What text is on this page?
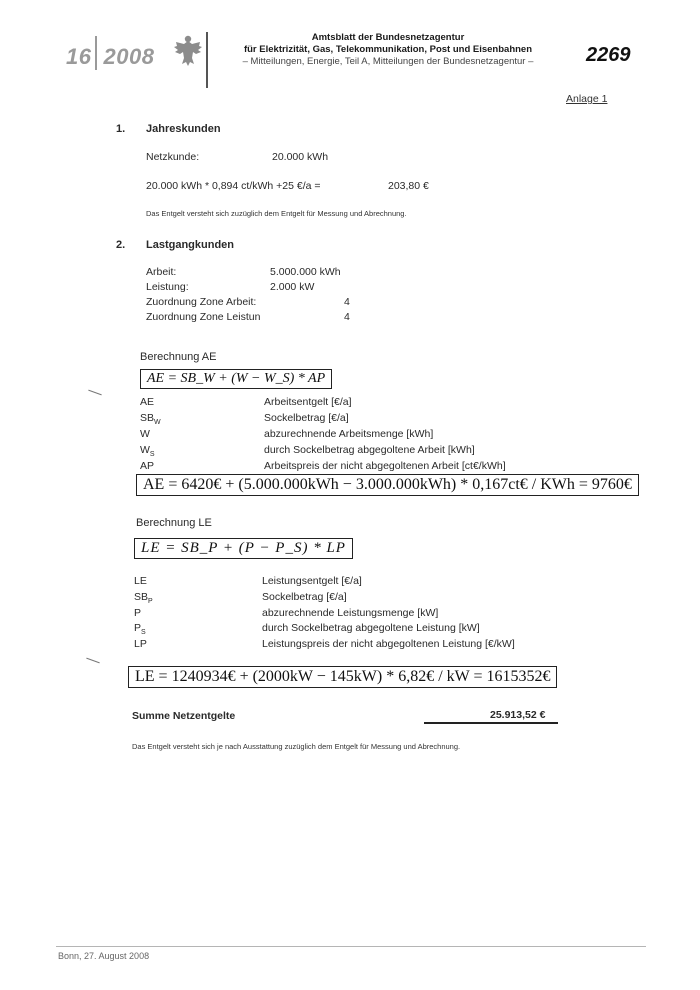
16 2008
Amtsblatt der Bundesnetzagentur
für Elektrizität, Gas, Telekommunikation, Post und Eisenbahnen
– Mitteilungen, Energie, Teil A, Mitteilungen der Bundesnetzagentur –	2269
Anlage 1
1. Jahreskunden
Netzkunde:	20.000 kWh
20.000 kWh * 0,894 ct/kWh +25 €/a =	203,80 €
Das Entgelt versteht sich zuzüglich dem Entgelt für Messung und Abrechnung.
2. Lastgangkunden
Arbeit:	5.000.000 kWh
Leistung:	2.000 kW
Zuordnung Zone Arbeit:	4
Zuordnung Zone Leistun	4
Berechnung AE
AE = SB_W + (W − W_S) * AP
AE	Arbeitsentgelt [€/a]
$SB_W$	Sockelbetrag [€/a]
W	abzurechnende Arbeitsmenge [kWh]
$W_S$	durch Sockelbetrag abgegoltene Arbeit [kWh]
AP	Arbeitspreis der nicht abgegoltenen Arbeit [ct€/kWh]
AE = 6420€ + (5.000.000kWh − 3.000.000kWh) * 0,167ct€ / KWh = 9760€
Berechnung LE
LE = SB_P + (P − P_S) * LP
LE	Leistungsentgelt [€/a]
$SB_P$	Sockelbetrag [€/a]
P	abzurechnende Leistungsmenge [kW]
$P_S$	durch Sockelbetrag abgegoltene Leistung [kW]
LP	Leistungspreis der nicht abgegoltenen Leistung [€/kW]
LE = 1240934€ + (2000kW − 145kW) * 6,82€ / kW = 1615352€
Summe Netzentgelte	25.913,52 €
Das Entgelt versteht sich je nach Ausstattung zuzüglich dem Entgelt für Messung und Abrechnung.
Bonn, 27. August 2008
